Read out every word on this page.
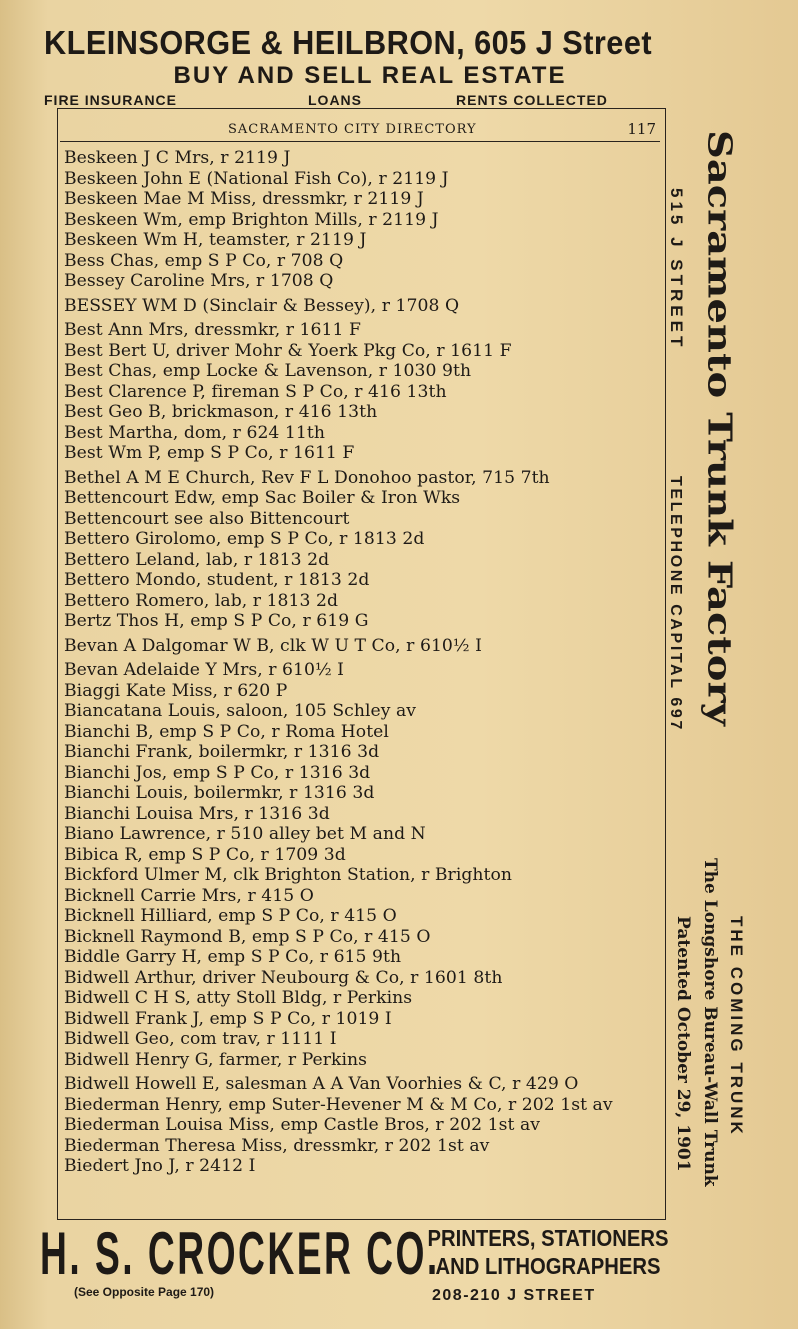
KLEINSORGE & HEILBRON, 605 J Street
BUY AND SELL REAL ESTATE
FIRE INSURANCE	LOANS	RENTS COLLECTED
SACRAMENTO CITY DIRECTORY	117
Beskeen J C Mrs, r 2119 J
Beskeen John E (National Fish Co), r 2119 J
Beskeen Mae M Miss, dressmkr, r 2119 J
Beskeen Wm, emp Brighton Mills, r 2119 J
Beskeen Wm H, teamster, r 2119 J
Bess Chas, emp S P Co, r 708 Q
Bessey Caroline Mrs, r 1708 Q
BESSEY WM D (Sinclair & Bessey), r 1708 Q
Best Ann Mrs, dressmkr, r 1611 F
Best Bert U, driver Mohr & Yoerk Pkg Co, r 1611 F
Best Chas, emp Locke & Lavenson, r 1030 9th
Best Clarence P, fireman S P Co, r 416 13th
Best Geo B, brickmason, r 416 13th
Best Martha, dom, r 624 11th
Best Wm P, emp S P Co, r 1611 F
Bethel A M E Church, Rev F L Donohoo pastor, 715 7th
Bettencourt Edw, emp Sac Boiler & Iron Wks
Bettencourt see also Bittencourt
Bettero Girolomo, emp S P Co, r 1813 2d
Bettero Leland, lab, r 1813 2d
Bettero Mondo, student, r 1813 2d
Bettero Romero, lab, r 1813 2d
Bertz Thos H, emp S P Co, r 619 G
Bevan A Dalgomar W B, clk W U T Co, r 610½ I
Bevan Adelaide Y Mrs, r 610½ I
Biaggi Kate Miss, r 620 P
Biancatana Louis, saloon, 105 Schley av
Bianchi B, emp S P Co, r Roma Hotel
Bianchi Frank, boilermkr, r 1316 3d
Bianchi Jos, emp S P Co, r 1316 3d
Bianchi Louis, boilermkr, r 1316 3d
Bianchi Louisa Mrs, r 1316 3d
Biano Lawrence, r 510 alley bet M and N
Bibica R, emp S P Co, r 1709 3d
Bickford Ulmer M, clk Brighton Station, r Brighton
Bicknell Carrie Mrs, r 415 O
Bicknell Hilliard, emp S P Co, r 415 O
Bicknell Raymond B, emp S P Co, r 415 O
Biddle Garry H, emp S P Co, r 615 9th
Bidwell Arthur, driver Neubourg & Co, r 1601 8th
Bidwell C H S, atty Stoll Bldg, r Perkins
Bidwell Frank J, emp S P Co, r 1019 I
Bidwell Geo, com trav, r 1111 I
Bidwell Henry G, farmer, r Perkins
Bidwell Howell E, salesman A A Van Voorhies & C, r 429 O
Biederman Henry, emp Suter-Hevener M & M Co, r 202 1st av
Biederman Louisa Miss, emp Castle Bros, r 202 1st av
Biederman Theresa Miss, dressmkr, r 202 1st av
Biedert Jno J, r 2412 I
Sacramento Trunk Factory
515 J STREET
TELEPHONE CAPITAL 697
THE COMING TRUNK
The Longshore Bureau-Wall Trunk
Patented October 29, 1901
H. S. CROCKER CO.
PRINTERS, STATIONERS
AND LITHOGRAPHERS
(See Opposite Page 170)	208-210 J STREET
